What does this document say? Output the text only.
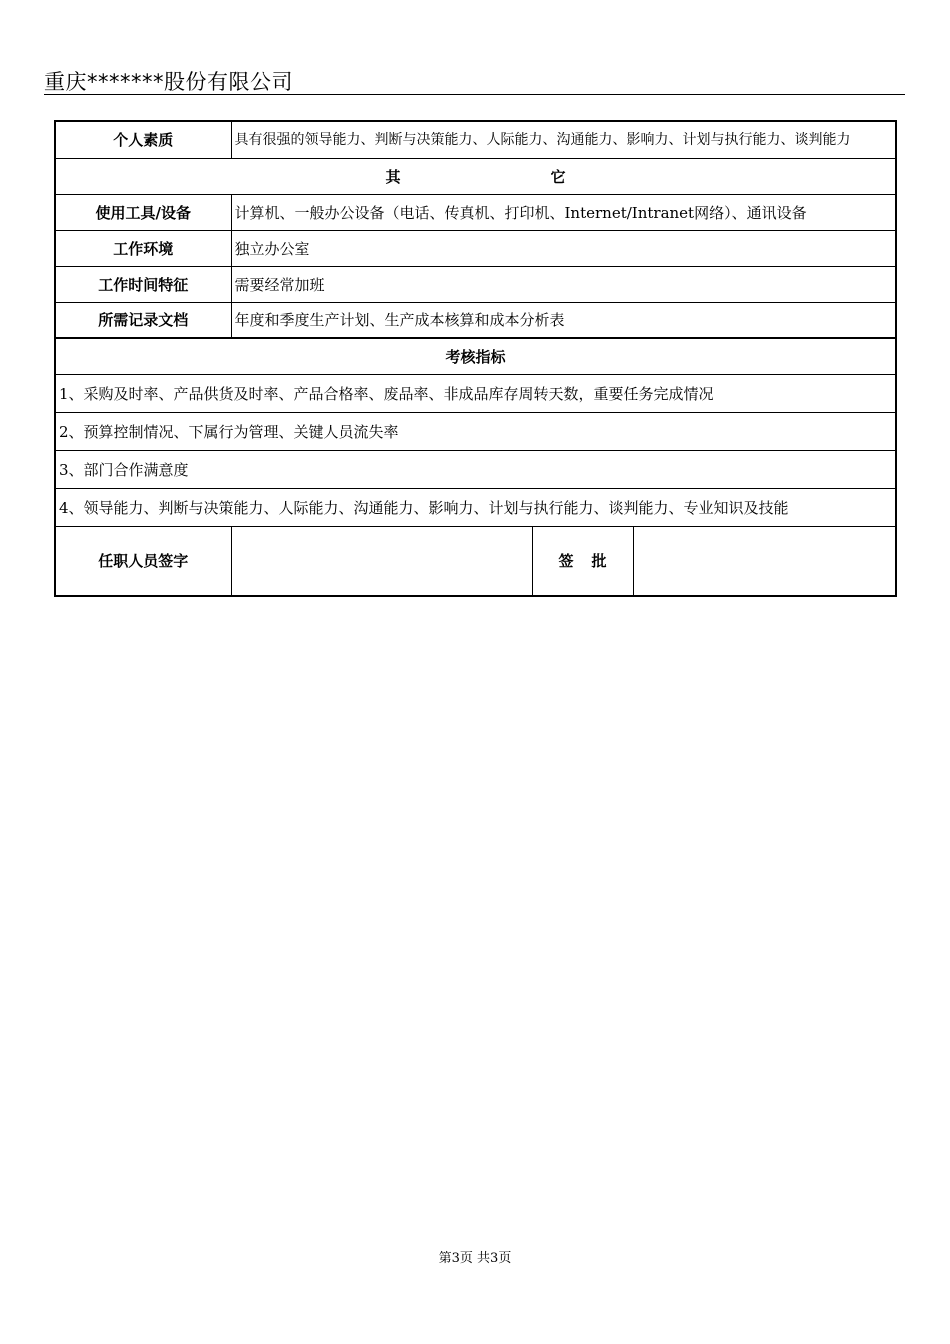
重庆*******股份有限公司
个人素质	具有很强的领导能力、判断与决策能力、人际能力、沟通能力、影响力、计划与执行能力、谈判能力		
其 它			
使用工具/设备	计算机、一般办公设备（电话、传真机、打印机、Internet/Intranet网络）、通讯设备		
工作环境	独立办公室		
工作时间特征	需要经常加班		
所需记录文档	年度和季度生产计划、生产成本核算和成本分析表		
考核指标			
1、采购及时率、产品供货及时率、产品合格率、废品率、非成品库存周转天数，重要任务完成情况			
2、预算控制情况、下属行为管理、关键人员流失率			
3、部门合作满意度			
4、领导能力、判断与决策能力、人际能力、沟通能力、影响力、计划与执行能力、谈判能力、专业知识及技能			
任职人员签字		签 批	
第3页 共3页
